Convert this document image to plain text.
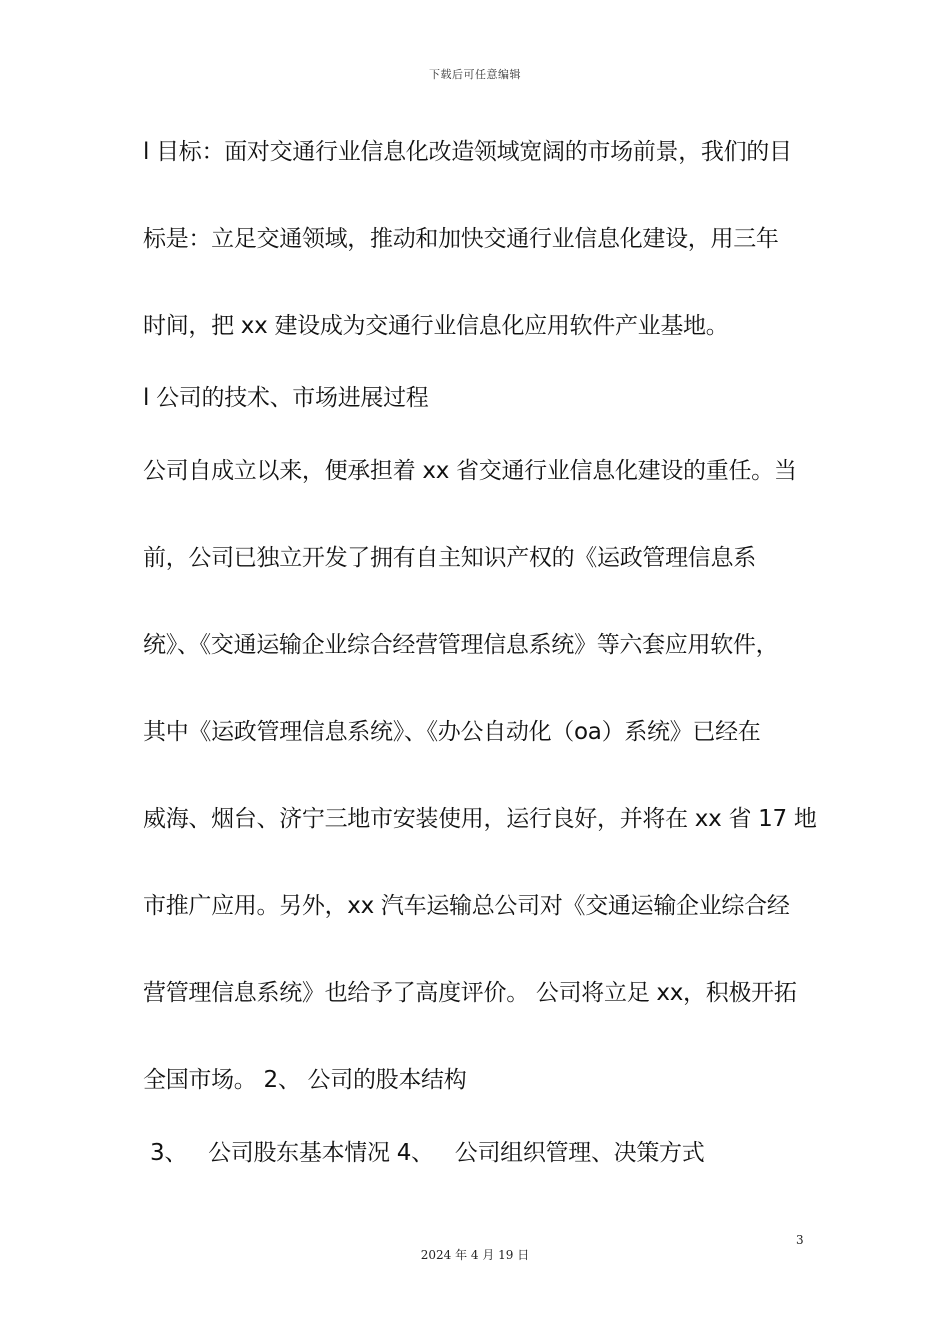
下载后可任意编辑
l 目标：面对交通行业信息化改造领域宽阔的市场前景，我们的目
标是：立足交通领域，推动和加快交通行业信息化建设，用三年
时间，把 xx 建设成为交通行业信息化应用软件产业基地。
l 公司的技术、市场进展过程
公司自成立以来，便承担着 xx 省交通行业信息化建设的重任。当
前，公司已独立开发了拥有自主知识产权的《运政管理信息系
统》、《交通运输企业综合经营管理信息系统》等六套应用软件，
其中《运政管理信息系统》、《办公自动化（oa）系统》已经在
威海、烟台、济宁三地市安装使用，运行良好，并将在 xx 省 17 地
市推广应用。另外，xx 汽车运输总公司对《交通运输企业综合经
营管理信息系统》也给予了高度评价。 公司将立足 xx，积极开拓
全国市场。 2、 公司的股本结构
3、   公司股东基本情况 4、   公司组织管理、决策方式
3
2024 年 4 月 19 日
